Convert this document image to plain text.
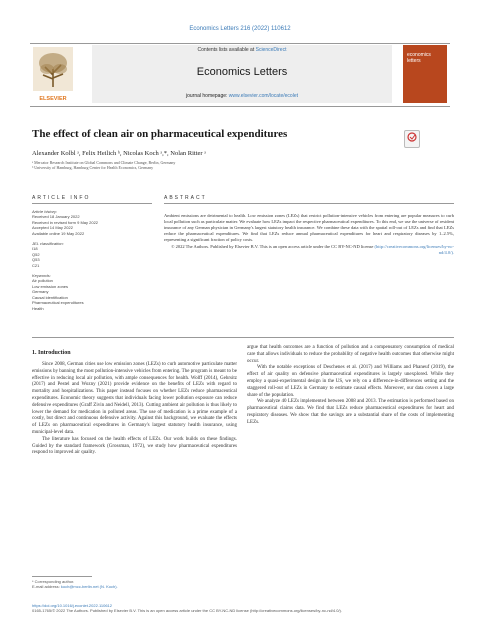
Economics Letters 216 (2022) 110612
ELSEVIER
Contents lists available at ScienceDirect
Economics Letters
journal homepage: www.elsevier.com/locate/ecolet
economics letters
The effect of clean air on pharmaceutical expenditures
Alexander Kolbl ᵃ, Felix Heilich ᵇ, Nicolas Koch ᵃ,*, Nolan Ritter ᵃ
ᵃ Mercator Research Institute on Global Commons and Climate Change, Berlin, Germany
ᵇ University of Hamburg, Hamburg Center for Health Economics, Germany
ARTICLE INFO	ABSTRACT
Article history:
Received 18 January 2022
Received in revised form 9 May 2022
Accepted 14 May 2022
Available online 19 May 2022
JEL classification:
I18
Q52
Q53
C21
Keywords:
Air pollution
Low emission zones
Germany
Causal identification
Pharmaceutical expenditures
Health
Ambient emissions are detrimental to health. Low emission zones (LEZs) that restrict pollution-intensive vehicles from entering are popular measures to curb local pollution such as particulate matter. We evaluate how LEZs impact the respective pharmaceutical expenditures. To this end, we use the universe of resident insurance of any German physician in Germany's largest statutory health insurance. We combine these data with the spatial roll-out of LEZs and find that LEZs reduce the pharmaceutical expenditures. We find that LEZs reduce annual pharmaceutical expenditures for heart and respiratory diseases by 1–2.5%, representing a significant fraction of policy costs.
© 2022 The Authors. Published by Elsevier B.V. This is an open access article under the CC BY-NC-ND license (http://creativecommons.org/licenses/by-nc-nd/4.0/).
1. Introduction

Since 2008, German cities use low emission zones (LEZs) to curb automotive particulate matter emissions by banning the most pollution-intensive vehicles from entering. The program is meant to be effective in reducing local air pollution, with ample consequences for health. Wolff (2014), Gehrsitz (2017) and Pestel and Wozny (2021) provide evidence on the benefits of LEZs with regard to mortality and hospitalizations. This paper instead focuses on whether LEZs reduce pharmaceutical expenditures. Economic theory suggests that individuals facing lower pollution exposure can reduce defensive expenditures (Graff Zivin and Neidell, 2013). Cutting ambient air pollution is thus likely to lower the demand for medication in polluted areas. The use of medication is a prime example of a costly, but direct and continuous defensive activity. Against this background, we evaluate the effects of LEZs on pharmaceutical expenditures in Germany's largest statutory health insurance, using municipal-level data.

The literature has focused on the health effects of LEZs. Our work builds on these findings. Guided by the standard framework (Grossman, 1972), we study how pharmaceutical expenditures respond to improved air quality.

argue that health outcomes are a function of pollution and a compensatory consumption of medical care that allows individuals to reduce the probability of negative health outcomes that otherwise might occur.

With the notable exceptions of Deschenes et al. (2017) and Williams and Phaneuf (2019), the effect of air quality on defensive pharmaceutical expenditures is largely unexplored. While they employ a quasi-experimental design in the US, we rely on a difference-in-differences setting and the staggered roll-out of LEZs in Germany to estimate causal effects. Moreover, our data covers a large share of the population.

We analyze 40 LEZs implemented between 2008 and 2013. The estimation is performed based on pharmaceutical claims data. We find that LEZs reduce pharmaceutical expenditures for heart and respiratory diseases. We show that the savings are a substantial share of the costs of implementing LEZs.

* Corresponding author.
E-mail address: koch@mcc-berlin.net (N. Koch).
https://doi.org/10.1016/j.econlet.2022.110612
0165-1765/© 2022 The Authors. Published by Elsevier B.V. This is an open access article under the CC BY-NC-ND license (http://creativecommons.org/licenses/by-nc-nd/4.0/).
